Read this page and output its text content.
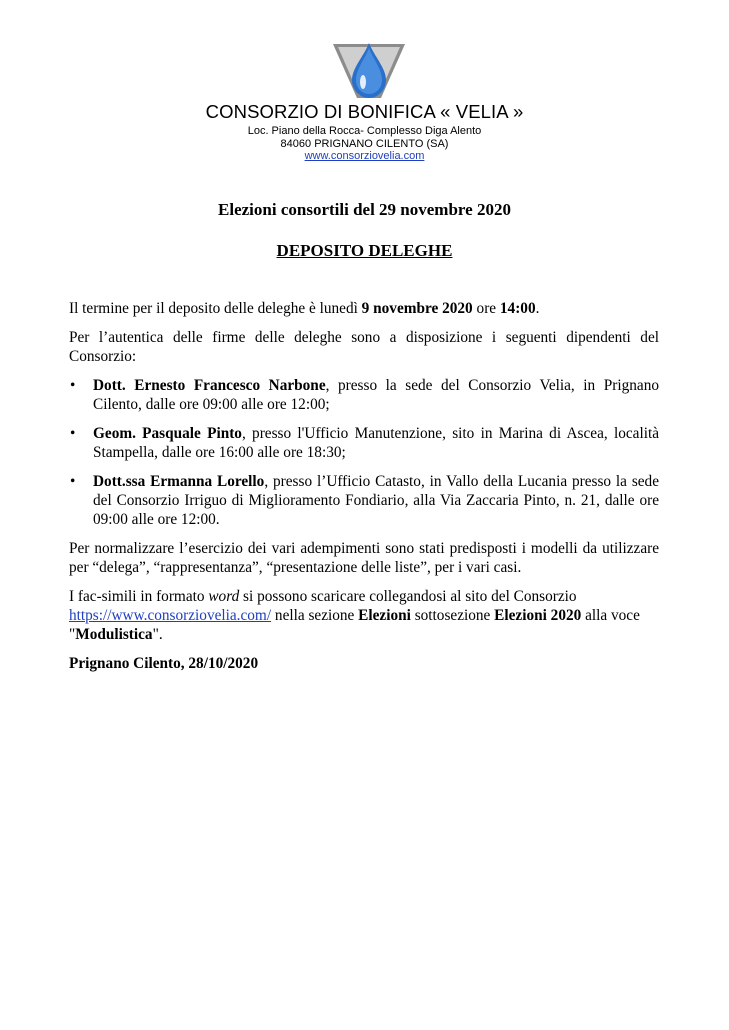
CONSORZIO DI BONIFICA « VELIA »
Loc. Piano della Rocca- Complesso Diga Alento
84060 PRIGNANO CILENTO (SA)
www.consorziovelia.com
Elezioni consortili del 29 novembre 2020
DEPOSITO DELEGHE

Il termine per il deposito delle deleghe è lunedì 9 novembre 2020 ore 14:00.

Per l’autentica delle firme delle deleghe sono a disposizione i seguenti dipendenti del Consorzio:

• Dott. Ernesto Francesco Narbone, presso la sede del Consorzio Velia, in Prignano Cilento, dalle ore 09:00 alle ore 12:00;
• Geom. Pasquale Pinto, presso l'Ufficio Manutenzione, sito in Marina di Ascea, località Stampella, dalle ore 16:00 alle ore 18:30;
• Dott.ssa Ermanna Lorello, presso l’Ufficio Catasto, in Vallo della Lucania presso la sede del Consorzio Irriguo di Miglioramento Fondiario, alla Via Zaccaria Pinto, n. 21, dalle ore 09:00 alle ore 12:00.

Per normalizzare l’esercizio dei vari adempimenti sono stati predisposti i modelli da utilizzare per “delega”, “rappresentanza”, “presentazione delle liste”, per i vari casi.

I fac-simili in formato word si possono scaricare collegandosi al sito del Consorzio https://www.consorziovelia.com/ nella sezione Elezioni sottosezione Elezioni 2020 alla voce "Modulistica".

Prignano Cilento, 28/10/2020
